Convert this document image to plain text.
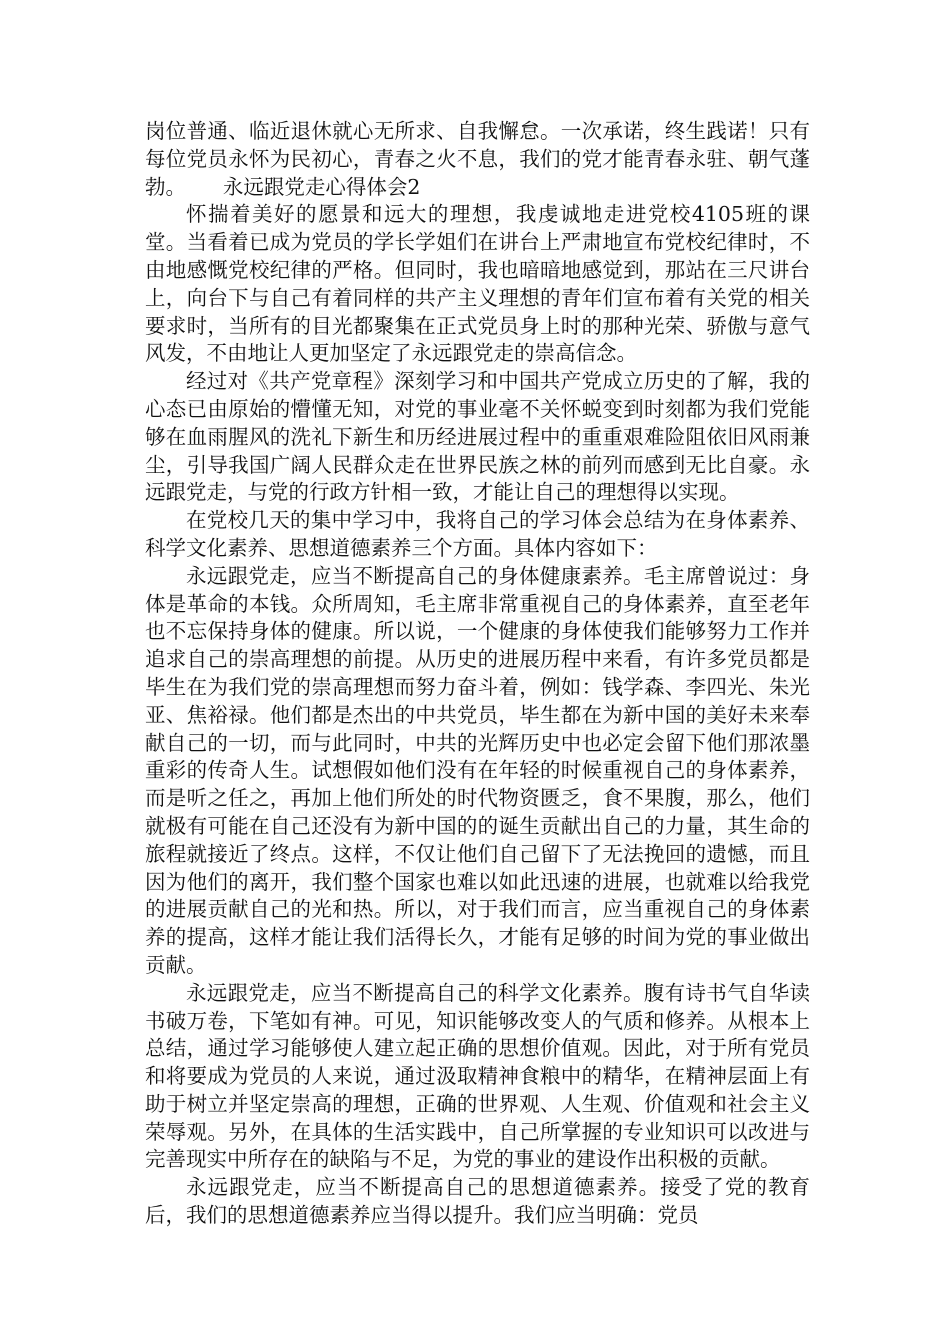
岗位普通、临近退休就心无所求、自我懈怠。一次承诺，终生践诺！只有每位党员永怀为民初心，青春之火不息，我们的党才能青春永驻、朝气蓬勃。 永远跟党走心得体会2

怀揣着美好的愿景和远大的理想，我虔诚地走进党校4105班的课堂。当看着已成为党员的学长学姐们在讲台上严肃地宣布党校纪律时，不由地感慨党校纪律的严格。但同时，我也暗暗地感觉到，那站在三尺讲台上，向台下与自己有着同样的共产主义理想的青年们宣布着有关党的相关要求时，当所有的目光都聚集在正式党员身上时的那种光荣、骄傲与意气风发，不由地让人更加坚定了永远跟党走的崇高信念。

经过对《共产党章程》深刻学习和中国共产党成立历史的了解，我的心态已由原始的懵懂无知，对党的事业毫不关怀蜕变到时刻都为我们党能够在血雨腥风的洗礼下新生和历经进展过程中的重重艰难险阻依旧风雨兼尘，引导我国广阔人民群众走在世界民族之林的前列而感到无比自豪。永远跟党走，与党的行政方针相一致，才能让自己的理想得以实现。

在党校几天的集中学习中，我将自己的学习体会总结为在身体素养、科学文化素养、思想道德素养三个方面。具体内容如下：

永远跟党走，应当不断提高自己的身体健康素养。毛主席曾说过：身体是革命的本钱。众所周知，毛主席非常重视自己的身体素养，直至老年也不忘保持身体的健康。所以说，一个健康的身体使我们能够努力工作并追求自己的崇高理想的前提。从历史的进展历程中来看，有许多党员都是毕生在为我们党的崇高理想而努力奋斗着，例如：钱学森、李四光、朱光亚、焦裕禄。他们都是杰出的中共党员，毕生都在为新中国的美好未来奉献自己的一切，而与此同时，中共的光辉历史中也必定会留下他们那浓墨重彩的传奇人生。试想假如他们没有在年轻的时候重视自己的身体素养，而是听之任之，再加上他们所处的时代物资匮乏，食不果腹，那么，他们就极有可能在自己还没有为新中国的的诞生贡献出自己的力量，其生命的旅程就接近了终点。这样，不仅让他们自己留下了无法挽回的遗憾，而且因为他们的离开，我们整个国家也难以如此迅速的进展，也就难以给我党的进展贡献自己的光和热。所以，对于我们而言，应当重视自己的身体素养的提高，这样才能让我们活得长久，才能有足够的时间为党的事业做出贡献。

永远跟党走，应当不断提高自己的科学文化素养。腹有诗书气自华读书破万卷，下笔如有神。可见，知识能够改变人的气质和修养。从根本上总结，通过学习能够使人建立起正确的思想价值观。因此，对于所有党员和将要成为党员的人来说，通过汲取精神食粮中的精华，在精神层面上有助于树立并坚定崇高的理想，正确的世界观、人生观、价值观和社会主义荣辱观。另外，在具体的生活实践中，自己所掌握的专业知识可以改进与完善现实中所存在的缺陷与不足，为党的事业的建设作出积极的贡献。

永远跟党走，应当不断提高自己的思想道德素养。接受了党的教育后，我们的思想道德素养应当得以提升。我们应当明确：党员
